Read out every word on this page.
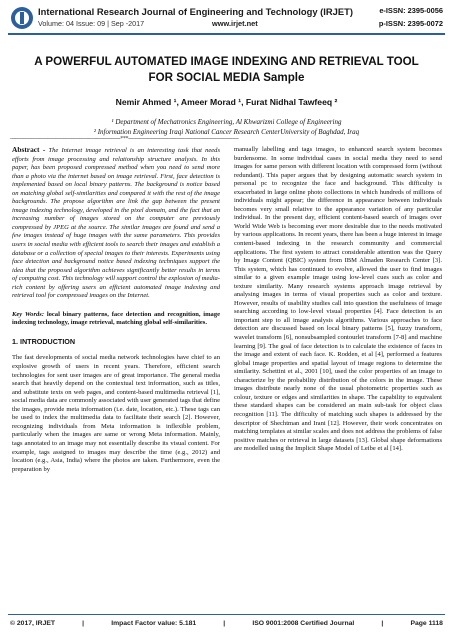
International Research Journal of Engineering and Technology (IRJET)
Volume: 04 Issue: 09 | Sep -2017	www.irjet.net
e-ISSN: 2395-0056
p-ISSN: 2395-0072
A POWERFUL AUTOMATED IMAGE INDEXING AND RETRIEVAL TOOL
FOR SOCIAL MEDIA Sample
Nemir Ahmed ¹, Ameer Morad ¹, Furat Nidhal Tawfeeq ²
¹ Department of Mechatronics Engineering, Al Khwarizmi College of Engineering
² Information Engineering Iraqi National Cancer Research CenterUniversity of Baghdad, Iraq
---------------------------------------------------------------------***---------------------------------------------------------------------

Abstract - The Internet image retrieval is an interesting task that needs efforts from image processing and relationship structure analysis. In this paper, has been proposed compressed method when you need to send more than a photo via the internet based on image retrieval. First, face detection is implemented based on local binary patterns. The background is notice based on matching global self-similarities and compared it with the rest of the image backgrounds. The propose algorithm are link the gap between the present image indexing technology, developed in the pixel domain, and the fact that an increasing number of images stored on the computer are previously compressed by JPEG at the source. The similar images are found and send a few images instead of huge images with the same parameters. This provides users in social media with efficient tools to search their images and establish a database or a collection of special images to their interests. Experiments using face detection and background notice based indexing techniques support the idea that the proposed algorithm achieves significantly better results in terms of computing cost. This technology will support control the explosion of media-rich content by offering users an efficient automated image indexing and retrieval tool for compressed images on the Internet.

Key Words: local binary patterns, face detection and recognition, image indexing technology, image retrieval, matching global self-similarities.

1. INTRODUCTION

The fast developments of social media network technologies have chief to an explosive growth of users in recent years. Therefore, efficient search technologies for sent user images are of great importance. The general media search that heavily depend on the contextual text information, such as titles, and substitute texts on web pages, and content-based multimedia retrieval [1], social media data are commonly associated with user generated tags that define the images, provide meta information (i.e. date, location, etc.). These tags can be used to index the multimedia data to facilitate their search [2]. However, recognizing individuals from Meta information is inflexible problem, particularly when the images are same or wrong Meta information. Mainly, tags annotated to an image may not essentially describe its visual content. For example, tags assigned to images may describe the time (e.g., 2012) and location (e.g., Asia, India) where the photos are taken. Furthermore, even the preparation by

manually labelling and tags images, to enhanced search system becomes burdensome. In some individual cases in social media they need to send images for same person with different location with compressed form (without redundant). This paper argues that by designing automatic search system in personal pc to recognize the face and background. This difficulty is exacerbated in large online photo collections in which hundreds of millions of individuals might appear; the difference in appearance between individuals becomes very small relative to the appearance variation of any particular individual. In the present day, efficient content-based search of images over World Wide Web is becoming ever more desirable due to the needs motivated by various applications. In recent years, there has been a huge interest in image content-based indexing in the research community and commercial applications. The first system to attract considerable attention was the Query by Image Content (QBIC) system from IBM Almaden Research Center [3]. This system, which has continued to evolve, allowed the user to find images similar to a given example image using low-level cues such as color and texture similarity. Many research systems approach image retrieval by analysing images in terms of visual properties such as color and texture. However, results of usability studies call into question the usefulness of image searching according to low-level visual properties [4]. Face detection is an important step to all image analysis algorithms. Various approaches to face detection are discussed based on local binary patterns [5], fuzzy transform, wavelet transform [6], nonsubsampled contourlet transform [7-8] and machine learning [9]. The goal of face detection is to calculate the existence of faces in the image and extent of each face. K. Rodden, et al [4], performed a features global image properties and spatial layout of image regions to determine the similarity. Schettini et al., 2001 [10], used the color properties of an image to characterize by the probability distribution of the colors in the image. These images distribute nearly none of the usual photometric properties such as colour, texture or edges and similarities in shape. The capability to equivalent these standard shapes can be considered an main sub-task for object class recognition [11]. The difficulty of matching such shapes is addressed by the descriptor of Shechtman and Irani [12]. However, their work concentrates on matching templates at similar scales and does not address the problems of false positive matches or retrieval in large datasets [13]. Global shape deformations are modelled using the Implicit Shape Model of Leibe et al [14].

© 2017, IRJET	|	Impact Factor value: 5.181	|	ISO 9001:2008 Certified Journal	|	Page 1118
